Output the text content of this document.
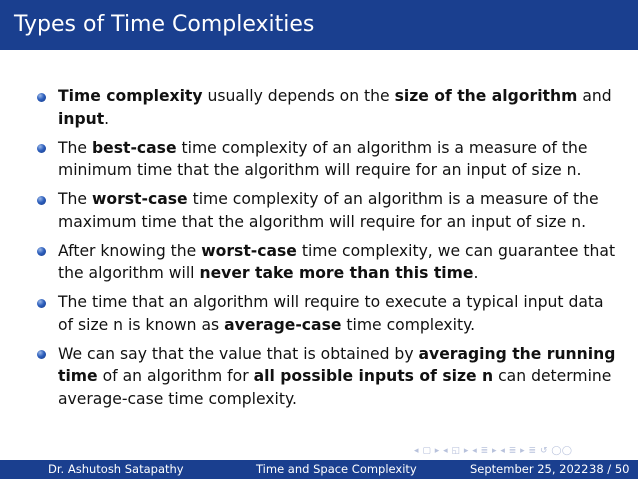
Types of Time Complexities
Time complexity usually depends on the size of the algorithm and input.
The best-case time complexity of an algorithm is a measure of the minimum time that the algorithm will require for an input of size n.
The worst-case time complexity of an algorithm is a measure of the maximum time that the algorithm will require for an input of size n.
After knowing the worst-case time complexity, we can guarantee that the algorithm will never take more than this time.
The time that an algorithm will require to execute a typical input data of size n is known as average-case time complexity.
We can say that the value that is obtained by averaging the running time of an algorithm for all possible inputs of size n can determine average-case time complexity.
◂ ▢ ▸ ◂ ◱ ▸ ◂ ≣ ▸ ◂ ≣ ▸ ≣ ↺ ◯◯
Dr. Ashutosh Satapathy	Time and Space Complexity	September 25, 2022 38 / 50
